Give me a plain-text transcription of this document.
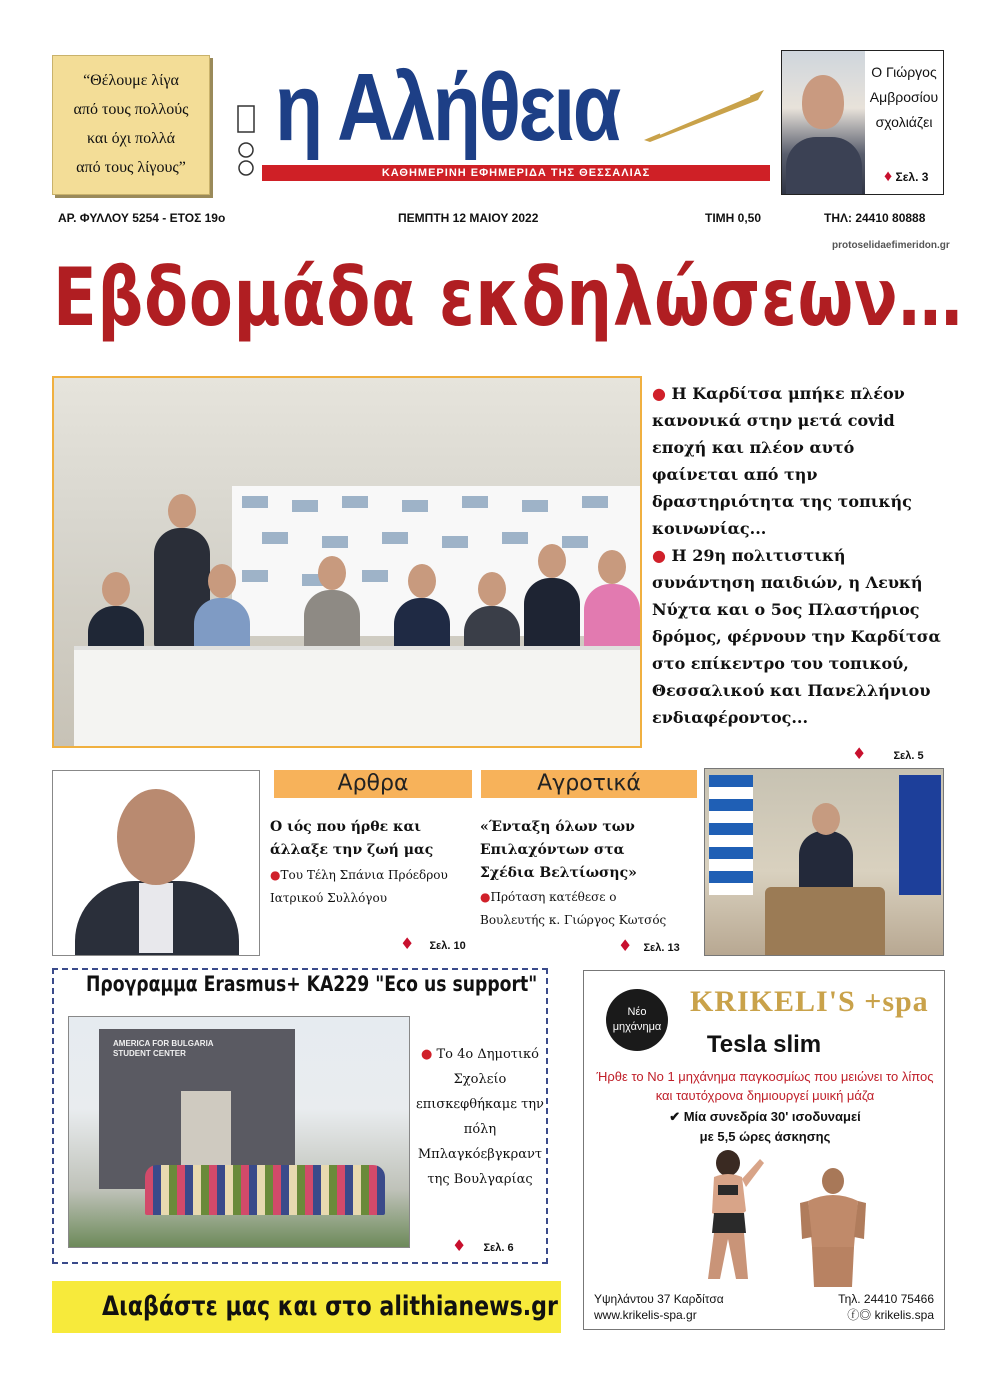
“Θέλουμε λίγα
από τους πολλούς
και όχι πολλά
από τους λίγους”
η Αλήθεια
ΚΑΘΗΜΕΡΙΝΗ ΕΦΗΜΕΡΙΔΑ ΤΗΣ ΘΕΣΣΑΛΙΑΣ
Ο Γιώργος
Αμβροσίου
σχολιάζει
♦ Σελ. 3
ΑΡ. ΦΥΛΛΟΥ 5254 - ΕΤΟΣ 19ο	ΠΕΜΠΤΗ 12 ΜΑΙΟΥ 2022	ΤΙΜΗ 0,50	ΤΗΛ: 24410 80888
protoselidaefimeridon.gr
Εβδομάδα εκδηλώσεων…

● Η Καρδίτσα μπήκε πλέον κανονικά στην μετά covid εποχή και πλέον αυτό φαίνεται από την δραστηριότητα της τοπικής κοινωνίας...

● Η 29η πολιτιστική συνάντηση παιδιών, η Λευκή Νύχτα και ο 5ος Πλαστήριος δρόμος, φέρνουν την Καρδίτσα στο επίκεντρο του τοπικού, Θεσσαλικού και Πανελλήνιου ενδιαφέροντος...

♦ Σελ. 5
Αρθρα
Ο ιός που ήρθε και άλλαξε την ζωή μας
●Του Τέλη Σπάνια Πρόεδρου Ιατρικού Συλλόγου
♦ Σελ. 10
Αγροτικά
«Ένταξη όλων των Επιλαχόντων στα Σχέδια Βελτίωσης»
●Πρόταση κατέθεσε ο Βουλευτής κ. Γιώργος Κωτσός
♦ Σελ. 13
Προγραμμα Erasmus+ KA229 "Eco us support"
AMERICA FOR BULGARIA
STUDENT CENTER	● Το 4ο Δημοτικό Σχολείο επισκεφθήκαμε την πόλη Μπλαγκόεβγκραντ της Βουλγαρίας
♦ Σελ. 6
Νέο
μηχάνημα
KRIKELI'S +spa
Tesla slim
Ήρθε το Νο 1 μηχάνημα παγκοσμίως που μειώνει το λίπος και ταυτόχρονα δημιουργεί μυική μάζα
✔ Μία συνεδρία 30' ισοδυναμεί
με 5,5 ώρες άσκησης
Υψηλάντου 37 Καρδίτσα	Τηλ. 24410 75466
www.krikelis-spa.gr	ⓕ◎ krikelis.spa
Διαβάστε μας και στο alithianews.gr
